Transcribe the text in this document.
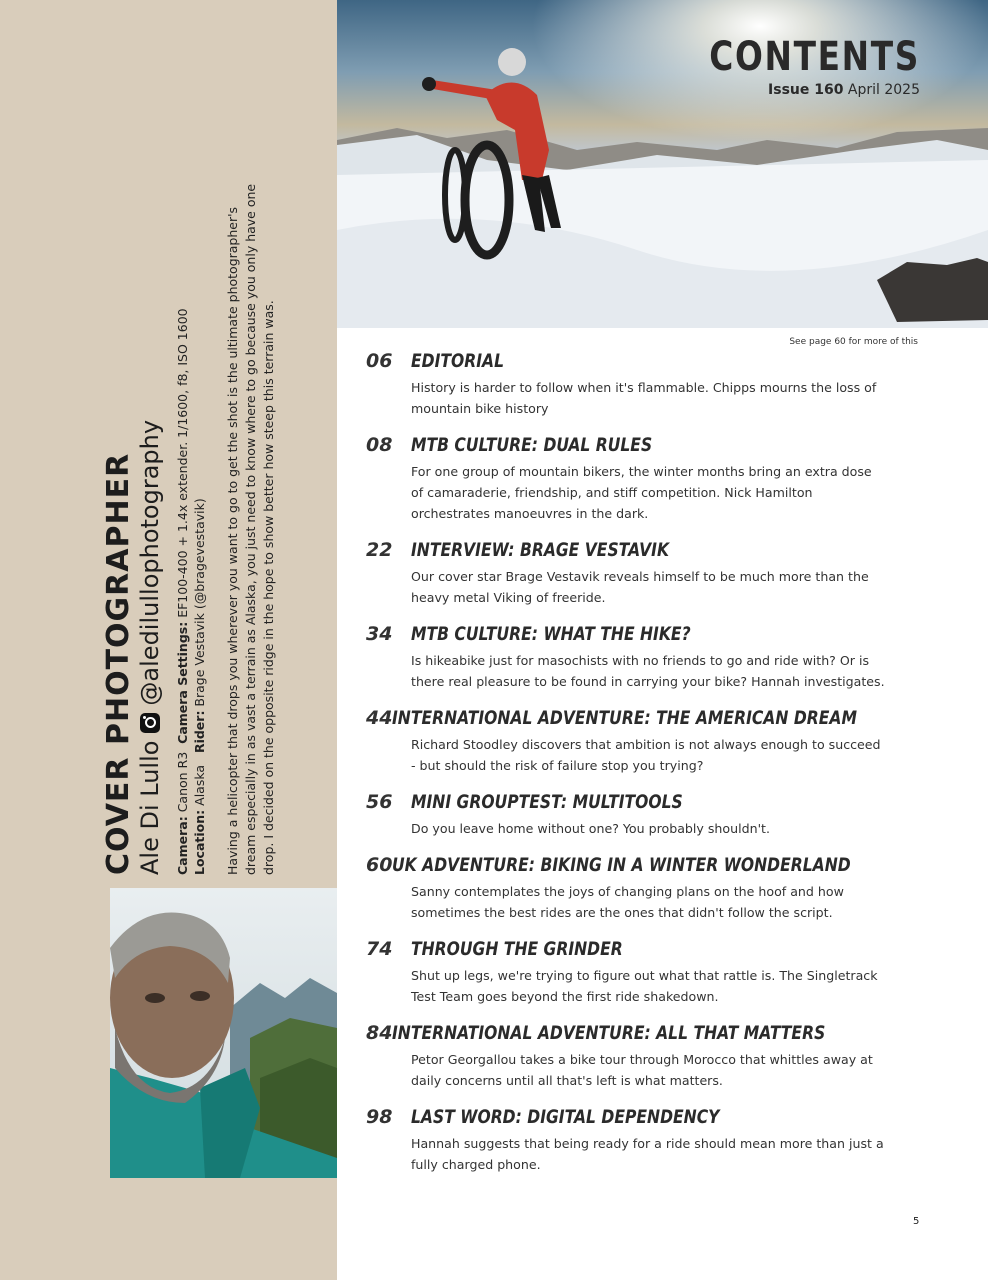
COVER PHOTOGRAPHER Ale Di Lullo
@aledilullophotography
Camera: Canon R3  Camera Settings: EF100-400 + 1.4x extender. 1/1600, f8, ISO 1600
Location: Alaska   Rider: Brage Vestavik (@bragevestavik) Having a helicopter that drops you wherever you want to go to get the shot is the ultimate photographer's dream especially in as vast a terrain as Alaska, you just need to know where to go because you only have one drop. I decided on the opposite ridge in the hope to show better how steep this terrain was.
CONTENTS
Issue 160 April 2025
See page 60 for more of this
06 EDITORIAL
History is harder to follow when it's flammable. Chipps mourns the loss of mountain bike history
08 MTB CULTURE: DUAL RULES
For one group of mountain bikers, the winter months bring an extra dose of camaraderie, friendship, and stiff competition. Nick Hamilton orchestrates manoeuvres in the dark.
22 INTERVIEW: BRAGE VESTAVIK
Our cover star Brage Vestavik reveals himself to be much more than the heavy metal Viking of freeride.
34 MTB CULTURE: WHAT THE HIKE?
Is hikeabike just for masochists with no friends to go and ride with? Or is there real pleasure to be found in carrying your bike? Hannah investigates.
44 INTERNATIONAL ADVENTURE: THE AMERICAN DREAM
Richard Stoodley discovers that ambition is not always enough to succeed - but should the risk of failure stop you trying?
56 MINI GROUPTEST: MULTITOOLS
Do you leave home without one? You probably shouldn't.
60 UK ADVENTURE: BIKING IN A WINTER WONDERLAND
Sanny contemplates the joys of changing plans on the hoof and how sometimes the best rides are the ones that didn't follow the script.
74 THROUGH THE GRINDER
Shut up legs, we're trying to figure out what that rattle is. The Singletrack Test Team goes beyond the first ride shakedown.
84 INTERNATIONAL ADVENTURE: ALL THAT MATTERS
Petor Georgallou takes a bike tour through Morocco that whittles away at daily concerns until all that's left is what matters.
98 LAST WORD: DIGITAL DEPENDENCY
Hannah suggests that being ready for a ride should mean more than just a fully charged phone.
5
